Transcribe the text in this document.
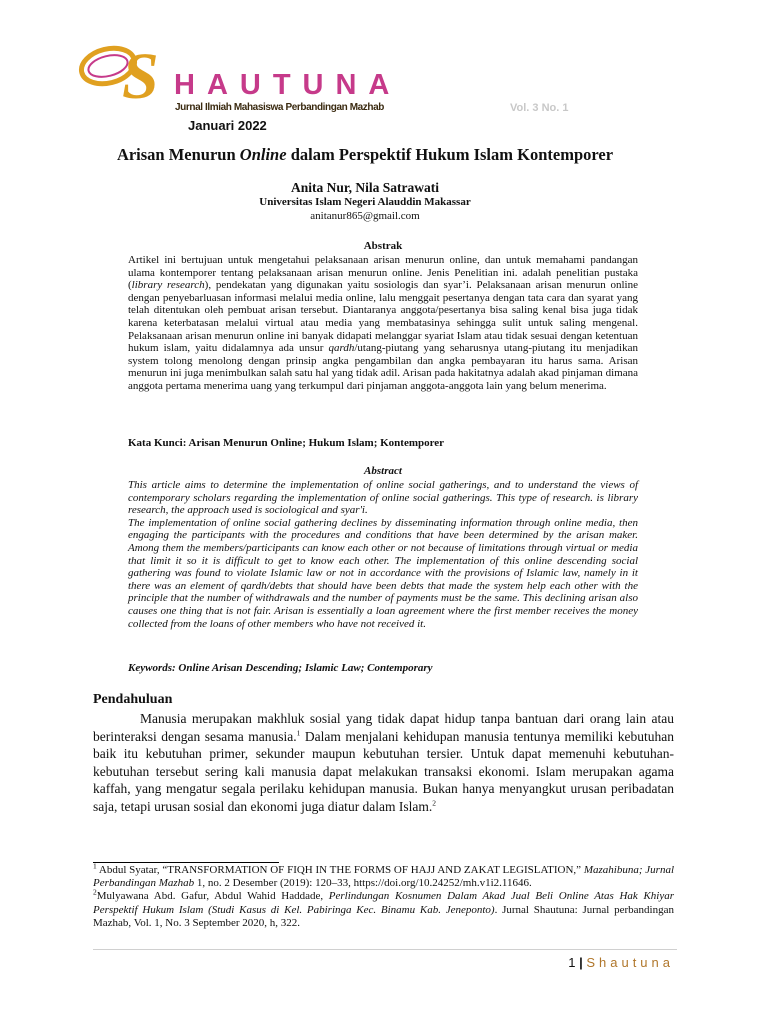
S HAUTUNA
Jurnal Ilmiah Mahasiswa Perbandingan Mazhab	Vol. 3 No. 1
Januari 2022
Arisan Menurun Online dalam Perspektif Hukum Islam Kontemporer
Anita Nur, Nila Satrawati
Universitas Islam Negeri Alauddin Makassar
anitanur865@gmail.com
Abstrak
Artikel ini bertujuan untuk mengetahui pelaksanaan arisan menurun online, dan untuk memahami pandangan ulama kontemporer tentang pelaksanaan arisan menurun online. Jenis Penelitian ini. adalah penelitian pustaka (library research), pendekatan yang digunakan yaitu sosiologis dan syar’i. Pelaksanaan arisan menurun online dengan penyebarluasan informasi melalui media online, lalu menggait pesertanya dengan tata cara dan syarat yang telah ditentukan oleh pembuat arisan tersebut. Diantaranya anggota/pesertanya bisa saling kenal bisa juga tidak karena keterbatasan melalui virtual atau media yang membatasinya sehingga sulit untuk saling mengenal. Pelaksanaan arisan menurun online ini banyak didapati melanggar syariat Islam atau tidak sesuai dengan ketentuan hukum islam, yaitu didalamnya ada unsur qardh/utang-piutang yang seharusnya utang-piutang itu menjadikan system tolong menolong dengan prinsip angka pengambilan dan angka pembayaran itu harus sama. Arisan menurun ini juga menimbulkan salah satu hal yang tidak adil. Arisan pada hakitatnya adalah akad pinjaman dimana anggota pertama menerima uang yang terkumpul dari pinjaman anggota-anggota lain yang belum menerima.
Kata Kunci: Arisan Menurun Online; Hukum Islam; Kontemporer
Abstract
This article aims to determine the implementation of online social gatherings, and to understand the views of contemporary scholars regarding the implementation of online social gatherings. This type of research. is library research, the approach used is sociological and syar'i.
The implementation of online social gathering declines by disseminating information through online media, then engaging the participants with the procedures and conditions that have been determined by the arisan maker. Among them the members/participants can know each other or not because of limitations through virtual or media that limit it so it is difficult to get to know each other. The implementation of this online descending social gathering was found to violate Islamic law or not in accordance with the provisions of Islamic law, namely in it there was an element of qardh/debts that should have been debts that made the system help each other with the principle that the number of withdrawals and the number of payments must be the same. This declining arisan also causes one thing that is not fair. Arisan is essentially a loan agreement where the first member receives the money collected from the loans of other members who have not received it.
Keywords: Online Arisan Descending; Islamic Law; Contemporary
Pendahuluan

Manusia merupakan makhluk sosial yang tidak dapat hidup tanpa bantuan dari orang lain atau berinteraksi dengan sesama manusia.$^1$ Dalam menjalani kehidupan manusia tentunya memiliki kebutuhan baik itu kebutuhan primer, sekunder maupun kebutuhan tersier. Untuk dapat memenuhi kebutuhan-kebutuhan tersebut sering kali manusia dapat melakukan transaksi ekonomi. Islam merupakan agama kaffah, yang mengatur segala perilaku kehidupan manusia. Bukan hanya menyangkut urusan peribadatan saja, tetapi urusan sosial dan ekonomi juga diatur dalam Islam.$^2$

$^1$ Abdul Syatar, “TRANSFORMATION OF FIQH IN THE FORMS OF HAJJ AND ZAKAT LEGISLATION,” Mazahibuna; Jurnal Perbandingan Mazhab 1, no. 2 Desember (2019): 120–33, https://doi.org/10.24252/mh.v1i2.11646.

$^2$Mulyawana Abd. Gafur, Abdul Wahid Haddade, Perlindungan Kosnumen Dalam Akad Jual Beli Online Atas Hak Khiyar Perspektif Hukum Islam (Studi Kasus di Kel. Pabiringa Kec. Binamu Kab. Jeneponto). Jurnal Shautuna: Jurnal perbandingan Mazhab, Vol. 1, No. 3 September 2020, h, 322.

1 | Shautuna
